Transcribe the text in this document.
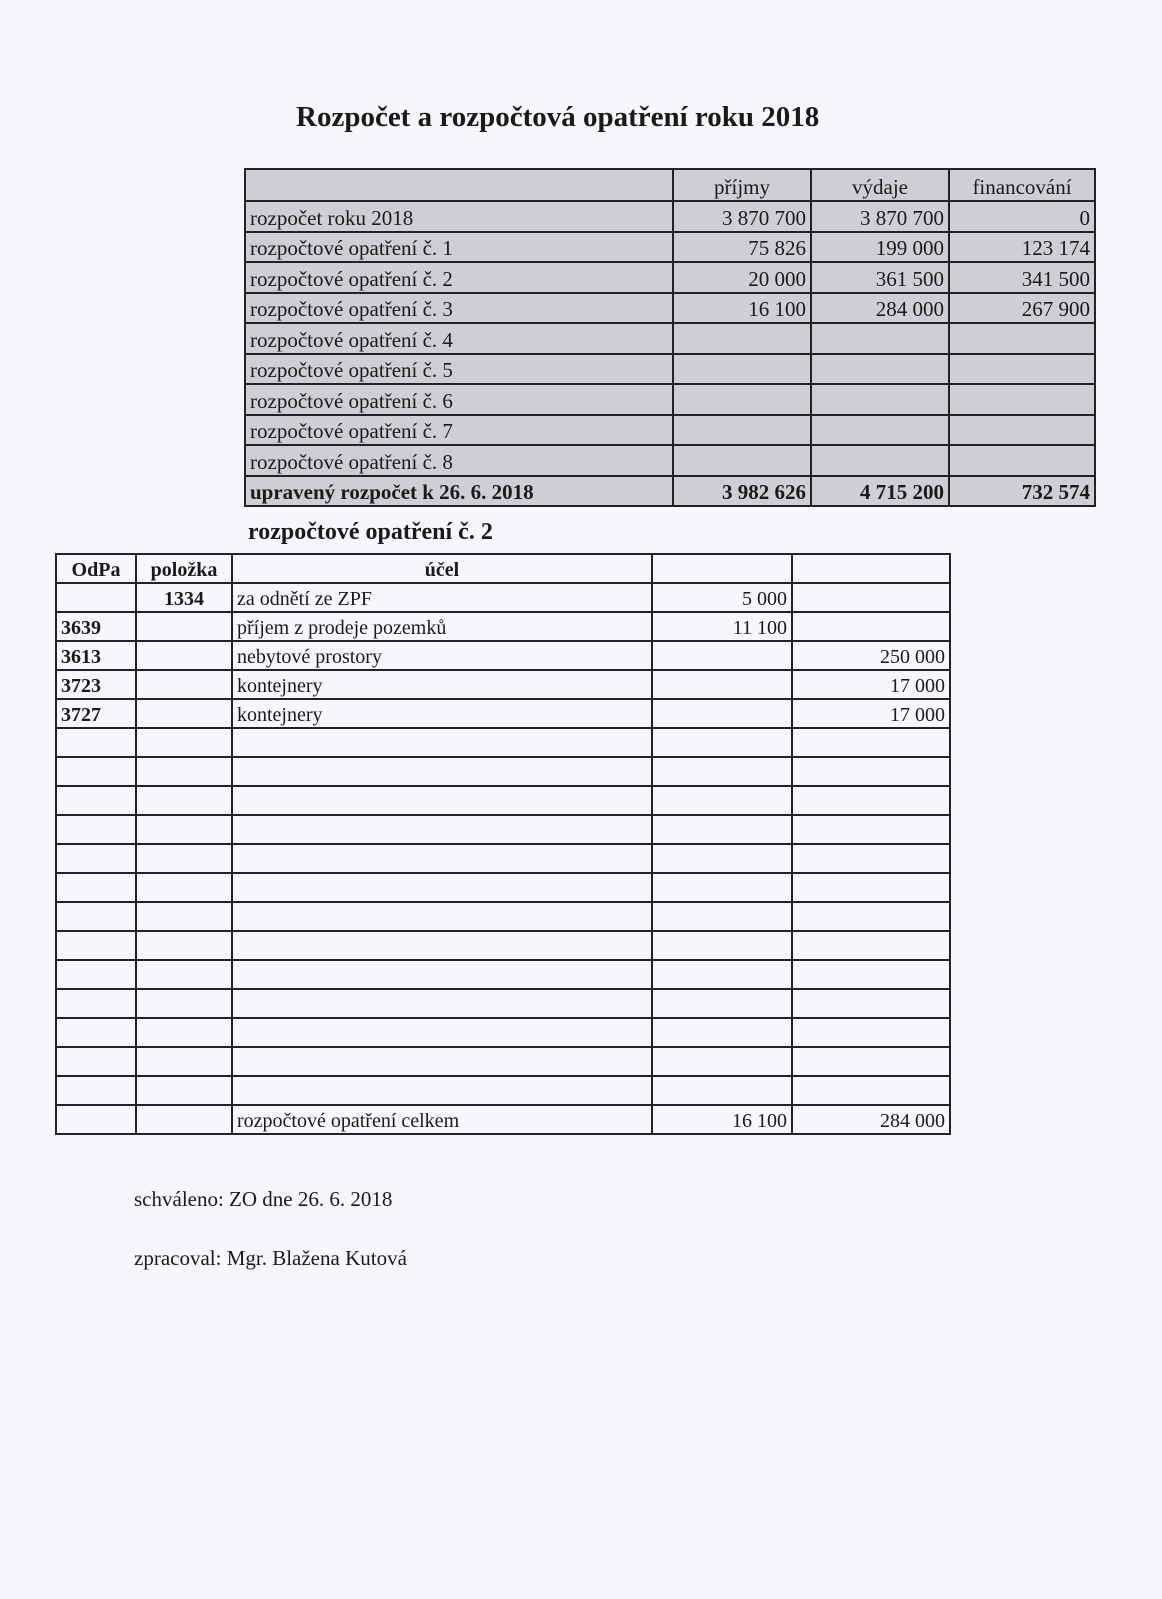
Rozpočet a rozpočtová opatření roku 2018
	příjmy	výdaje	financování
rozpočet roku 2018	3 870 700	3 870 700	0
rozpočtové opatření č. 1	75 826	199 000	123 174
rozpočtové opatření č. 2	20 000	361 500	341 500
rozpočtové opatření č. 3	16 100	284 000	267 900
rozpočtové opatření č. 4			
rozpočtové opatření č. 5			
rozpočtové opatření č. 6			
rozpočtové opatření č. 7			
rozpočtové opatření č. 8			
upravený rozpočet k 26. 6. 2018	3 982 626	4 715 200	732 574
rozpočtové opatření č. 2
OdPa	položka	účel		
	1334	za odnětí ze ZPF	5 000	
3639		příjem z prodeje pozemků	11 100	
3613		nebytové prostory		250 000
3723		kontejnery		17 000
3727		kontejnery		17 000

		rozpočtové opatření celkem	16 100	284 000
schváleno: ZO dne 26. 6. 2018
zpracoval: Mgr. Blažena Kutová
